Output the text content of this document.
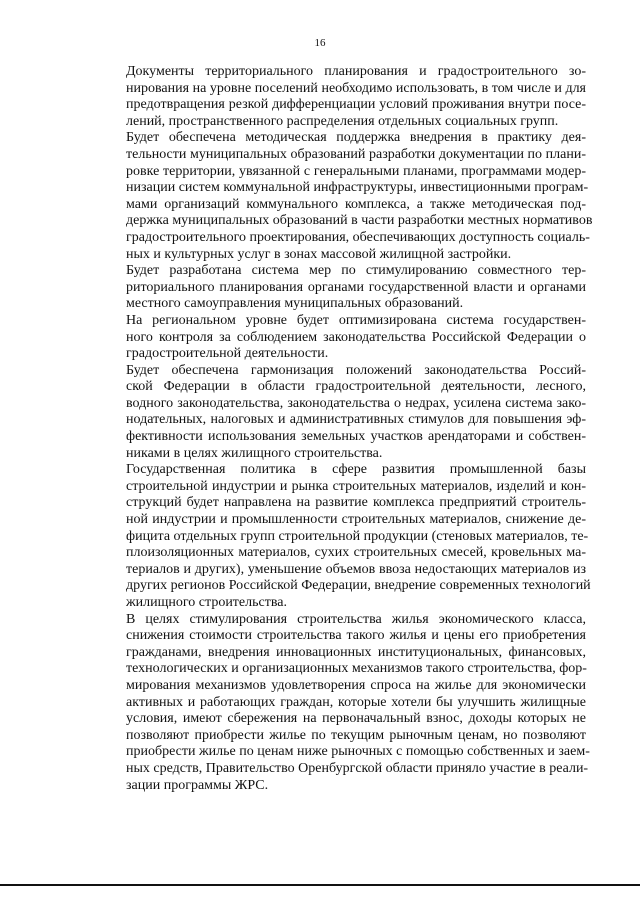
16

Документы территориального планирования и градостроительного зо-
нирования на уровне поселений необходимо использовать, в том числе и для
предотвращения резкой дифференциации условий проживания внутри посе-
лений, пространственного распределения отдельных социальных групп.

Будет обеспечена методическая поддержка внедрения в практику дея-
тельности муниципальных образований разработки документации по плани-
ровке территории, увязанной с генеральными планами, программами модер-
низации систем коммунальной инфраструктуры, инвестиционными програм-
мами организаций коммунального комплекса, а также методическая под-
держка муниципальных образований в части разработки местных нормативов
градостроительного проектирования, обеспечивающих доступность социаль-
ных и культурных услуг в зонах массовой жилищной застройки.

Будет разработана система мер по стимулированию совместного тер-
риториального планирования органами государственной власти и органами
местного самоуправления муниципальных образований.

На региональном уровне будет оптимизирована система государствен-
ного контроля за соблюдением законодательства Российской Федерации о
градостроительной деятельности.

Будет обеспечена гармонизация положений законодательства Россий-
ской Федерации в области градостроительной деятельности, лесного,
водного законодательства, законодательства о недрах, усилена система зако-
нодательных, налоговых и административных стимулов для повышения эф-
фективности использования земельных участков арендаторами и собствен-
никами в целях жилищного строительства.

Государственная политика в сфере развития промышленной базы
строительной индустрии и рынка строительных материалов, изделий и кон-
струкций будет направлена на развитие комплекса предприятий строитель-
ной индустрии и промышленности строительных материалов, снижение де-
фицита отдельных групп строительной продукции (стеновых материалов, те-
плоизоляционных материалов, сухих строительных смесей, кровельных ма-
териалов и других), уменьшение объемов ввоза недостающих материалов из
других регионов Российской Федерации, внедрение современных технологий
жилищного строительства.

В целях стимулирования строительства жилья экономического класса,
снижения стоимости строительства такого жилья и цены его приобретения
гражданами, внедрения инновационных институциональных, финансовых,
технологических и организационных механизмов такого строительства, фор-
мирования механизмов удовлетворения спроса на жилье для экономически
активных и работающих граждан, которые хотели бы улучшить жилищные
условия, имеют сбережения на первоначальный взнос, доходы которых не
позволяют приобрести жилье по текущим рыночным ценам, но позволяют
приобрести жилье по ценам ниже рыночных с помощью собственных и заем-
ных средств, Правительство Оренбургской области приняло участие в реали-
зации программы ЖРС.
